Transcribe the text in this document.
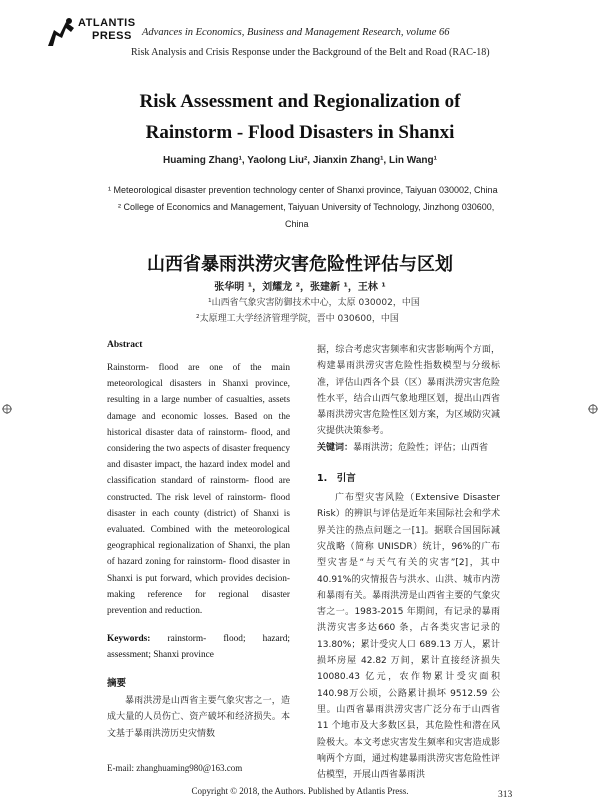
ATLANTIS
PRESS Advances in Economics, Business and Management Research, volume 66
Risk Analysis and Crisis Response under the Background of the Belt and Road (RAC-18)
Risk Assessment and Regionalization of
Rainstorm - Flood Disasters in Shanxi
Huaming Zhang¹, Yaolong Liu², Jianxin Zhang¹, Lin Wang¹
¹ Meteorological disaster prevention technology center of Shanxi province, Taiyuan 030002, China
² College of Economics and Management, Taiyuan University of Technology, Jinzhong 030600,
China
山西省暴雨洪涝灾害危险性评估与区划
张华明 ¹，刘耀龙 ²，张建新 ¹，王林 ¹
¹山西省气象灾害防御技术中心，太原 030002，中国
²太原理工大学经济管理学院，晋中 030600，中国
Abstract

Rainstorm- flood are one of the main meteorological disasters in Shanxi province, resulting in a large number of casualties, assets damage and economic losses. Based on the historical disaster data of rainstorm- flood, and considering the two aspects of disaster frequency and disaster impact, the hazard index model and classification standard of rainstorm- flood are constructed. The risk level of rainstorm- flood disaster in each county (district) of Shanxi is evaluated. Combined with the meteorological geographical regionalization of Shanxi, the plan of hazard zoning for rainstorm- flood disaster in Shanxi is put forward, which provides decision-making reference for regional disaster prevention and reduction.

Keywords: rainstorm- flood; hazard; assessment; Shanxi province
摘要

暴雨洪涝是山西省主要气象灾害之一，造成大量的人员伤亡、资产破坏和经济损失。本文基于暴雨洪涝历史灾情数

E-mail: zhanghuaming980@163.com

据，综合考虑灾害频率和灾害影响两个方面，构建暴雨洪涝灾害危险性指数模型与分级标准，评估山西各个县（区）暴雨洪涝灾害危险性水平，结合山西气象地理区划，提出山西省暴雨洪涝灾害危险性区划方案，为区域防灾减灾提供决策参考。

关键词：暴雨洪涝；危险性；评估；山西省

1.　引言

广布型灾害风险（Extensive Disaster Risk）的辨识与评估是近年来国际社会和学术界关注的热点问题之一[1]。据联合国国际减灾战略（简称 UNISDR）统计，96%的广布型灾害是“与天气有关的灾害”[2]，其中 40.91%的灾情报告与洪水、山洪、城市内涝和暴雨有关。暴雨洪涝是山西省主要的气象灾害之一。1983-2015 年期间，有记录的暴雨洪涝灾害多达660 条，占各类灾害记录的 13.80%；累计受灾人口 689.13 万人，累计损坏房屋 42.82 万间，累计直接经济损失 10080.43 亿元，农作物累计受灾面积 140.98万公顷，公路累计损坏 9512.59 公里。山西省暴雨洪涝灾害广泛分布于山西省 11 个地市及大多数区县，其危险性和潜在风险极大。本文考虑灾害发生频率和灾害造成影响两个方面，通过构建暴雨洪涝灾害危险性评估模型，开展山西省暴雨洪

Copyright © 2018, the Authors. Published by Atlantis Press.	313
